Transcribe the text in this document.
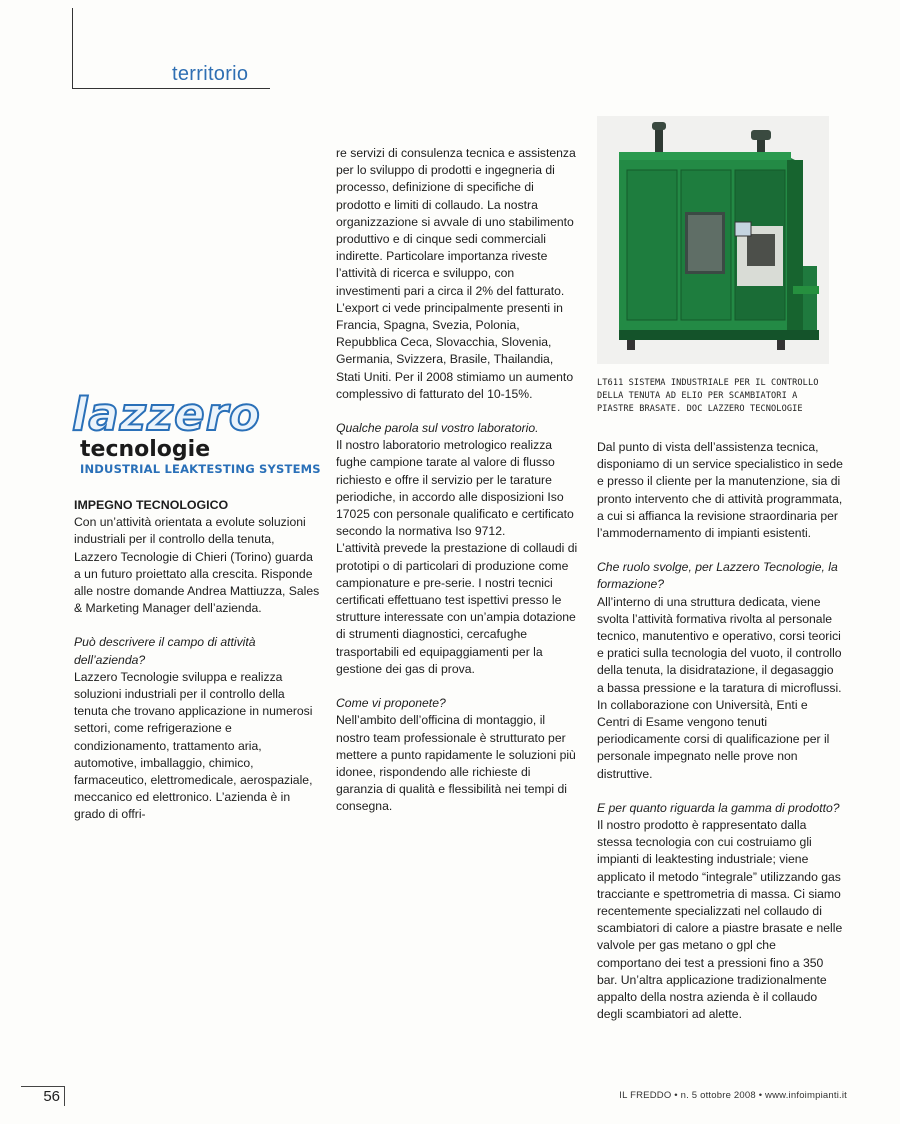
territorio
lazzero
tecnologie
INDUSTRIAL LEAKTESTING SYSTEMS

IMPEGNO TECNOLOGICO

Con un’attività orientata a evolute soluzioni industriali per il controllo della tenuta, Lazzero Tecnologie di Chieri (Torino) guarda a un futuro proiettato alla crescita. Risponde alle nostre domande Andrea Mattiuzza, Sales & Marketing Manager dell’azienda.

Può descrivere il campo di attività dell’azienda?

Lazzero Tecnologie sviluppa e realizza soluzioni industriali per il controllo della tenuta che trovano applicazione in numerosi settori, come refrigerazione e condizionamento, trattamento aria, automotive, imballaggio, chimico, farmaceutico, elettromedicale, aerospaziale, meccanico ed elettronico. L’azienda è in grado di offri-

re servizi di consulenza tecnica e assistenza per lo sviluppo di prodotti e ingegneria di processo, definizione di specifiche di prodotto e limiti di collaudo. La nostra organizzazione si avvale di uno stabilimento produttivo e di cinque sedi commerciali indirette. Particolare importanza riveste l’attività di ricerca e sviluppo, con investimenti pari a circa il 2% del fatturato. L’export ci vede principalmente presenti in Francia, Spagna, Svezia, Polonia, Repubblica Ceca, Slovacchia, Slovenia, Germania, Svizzera, Brasile, Thailandia, Stati Uniti. Per il 2008 stimiamo un aumento complessivo di fatturato del 10-15%.

Qualche parola sul vostro laboratorio.

Il nostro laboratorio metrologico realizza fughe campione tarate al valore di flusso richiesto e offre il servizio per le tarature periodiche, in accordo alle disposizioni Iso 17025 con personale qualificato e certificato secondo la normativa Iso 9712.

L’attività prevede la prestazione di collaudi di prototipi o di particolari di produzione come campionature e pre-serie. I nostri tecnici certificati effettuano test ispettivi presso le strutture interessate con un’ampia dotazione di strumenti diagnostici, cercafughe trasportabili ed equipaggiamenti per la gestione dei gas di prova.

Come vi proponete?

Nell’ambito dell’officina di montaggio, il nostro team professionale è strutturato per mettere a punto rapidamente le soluzioni più idonee, rispondendo alle richieste di garanzia di qualità e flessibilità nei tempi di consegna.

LT611 SISTEMA INDUSTRIALE PER IL CONTROLLO DELLA TENUTA AD ELIO PER SCAMBIATORI A PIASTRE BRASATE. DOC LAZZERO TECNOLOGIE

Dal punto di vista dell’assistenza tecnica, disponiamo di un service specialistico in sede e presso il cliente per la manutenzione, sia di pronto intervento che di attività programmata, a cui si affianca la revisione straordinaria per l’ammodernamento di impianti esistenti.

Che ruolo svolge, per Lazzero Tecnologie, la formazione?

All’interno di una struttura dedicata, viene svolta l’attività formativa rivolta al personale tecnico, manutentivo e operativo, corsi teorici e pratici sulla tecnologia del vuoto, il controllo della tenuta, la disidratazione, il degasaggio a bassa pressione e la taratura di microflussi. In collaborazione con Università, Enti e Centri di Esame vengono tenuti periodicamente corsi di qualificazione per il personale impegnato nelle prove non distruttive.

E per quanto riguarda la gamma di prodotto?

Il nostro prodotto è rappresentato dalla stessa tecnologia con cui costruiamo gli impianti di leaktesting industriale; viene applicato il metodo “integrale” utilizzando gas tracciante e spettrometria di massa. Ci siamo recentemente specializzati nel collaudo di scambiatori di calore a piastre brasate e nelle valvole per gas metano o gpl che comportano dei test a pressioni fino a 350 bar. Un’altra applicazione tradizionalmente appalto della nostra azienda è il collaudo degli scambiatori ad alette.

56	IL FREDDO • n. 5 ottobre 2008 • www.infoimpianti.it
